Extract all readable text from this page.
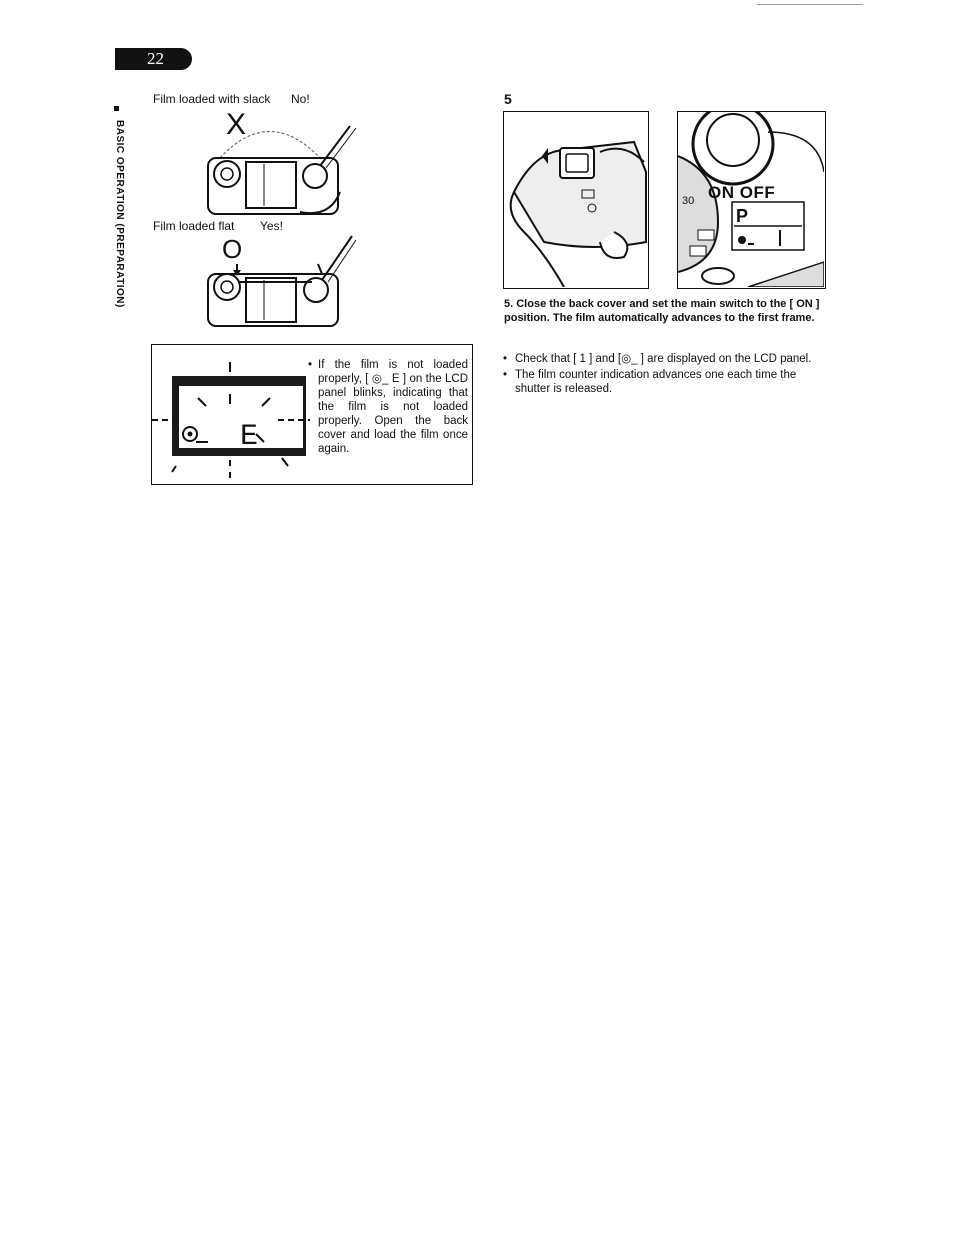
22
BASIC OPERATION (PREPARATION)
Film loaded with slack No!
X
Film loaded flat Yes!
O
E
• If the film is not loaded properly, [ ◎_ E ] on the LCD panel blinks, indicating that the film is not loaded properly. Open the back cover and load the film once again.
5
30 ON OFF
P
5. Close the back cover and set the main switch to the [ ON ] position. The film automatically advances to the first frame.
• Check that [ 1 ] and [◎_ ] are displayed on the LCD panel.
• The film counter indication advances one each time the shutter is released.
